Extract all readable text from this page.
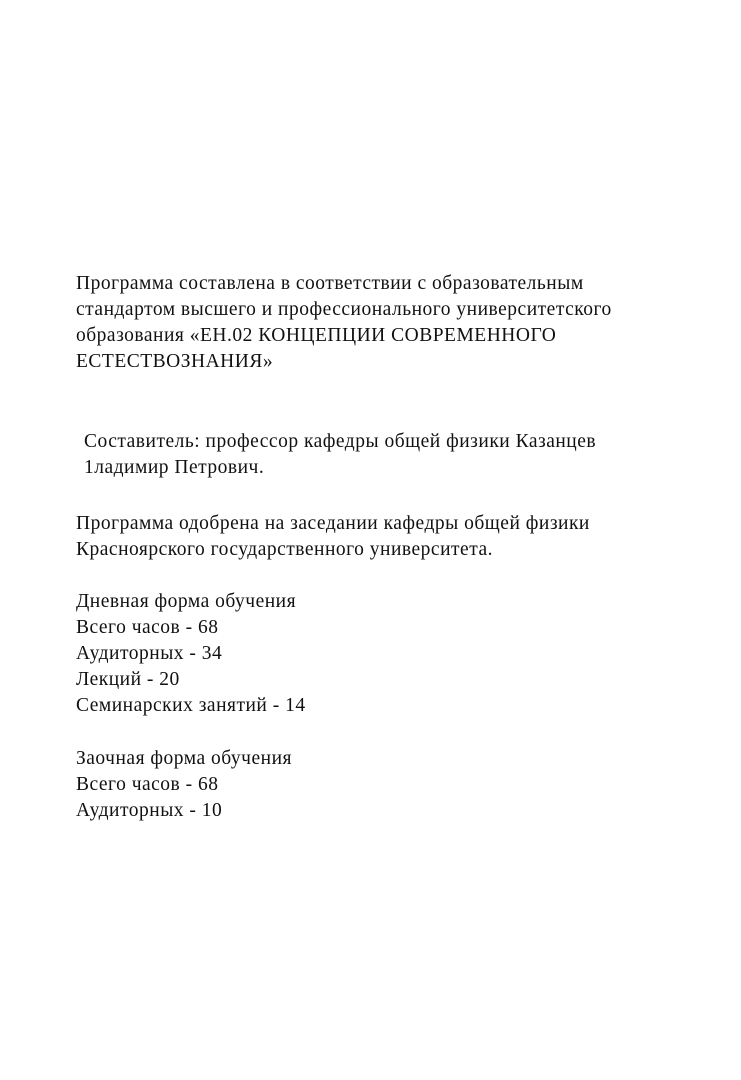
Программа составлена в соответствии с образовательным
стандартом высшего и профессионального университетского
образования «ЕН.02 КОНЦЕПЦИИ СОВРЕМЕННОГО
ЕСТЕСТВОЗНАНИЯ»
Составитель: профессор кафедры общей физики Казанцев
1ладимир Петрович.
Программа одобрена на заседании кафедры общей физики
Красноярского государственного университета.
Дневная форма обучения
Всего часов - 68
Аудиторных - 34
Лекций - 20
Семинарских занятий - 14
Заочная форма обучения
Всего часов - 68
Аудиторных - 10
